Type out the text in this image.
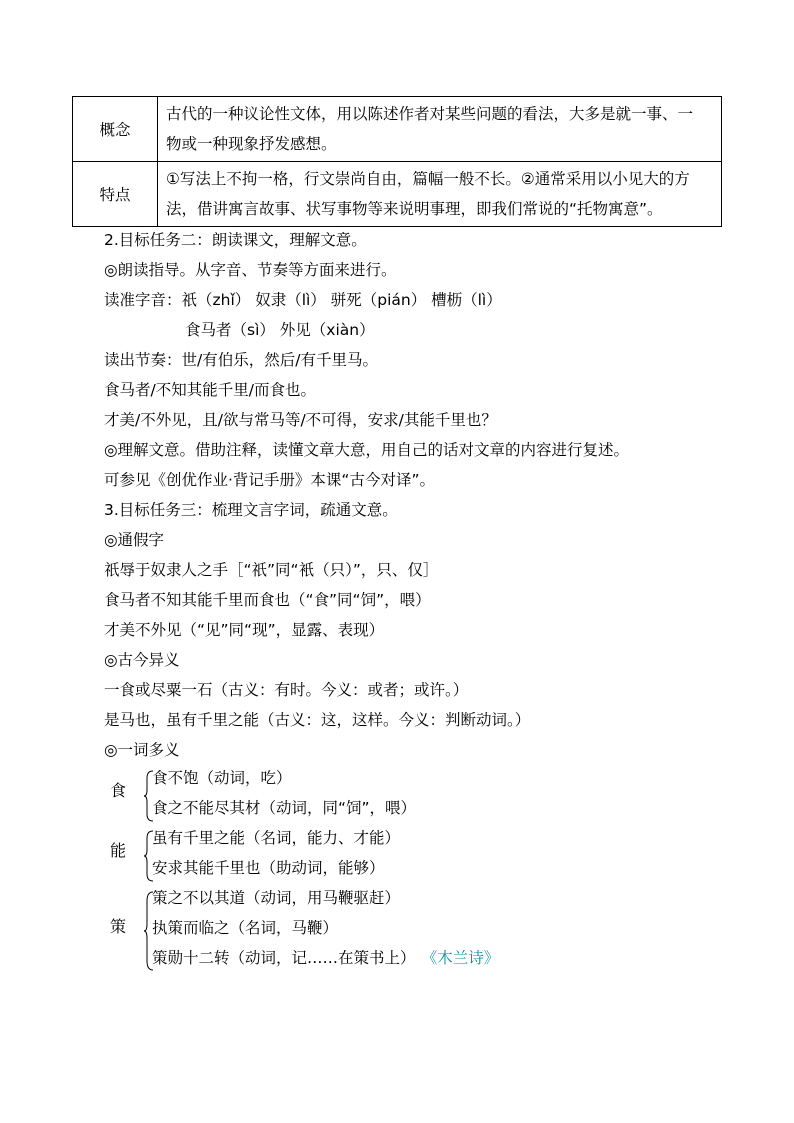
概念	古代的一种议论性文体，用以陈述作者对某些问题的看法，大多是就一事、一
物或一种现象抒发感想。

特点	①写法上不拘一格，行文崇尚自由，篇幅一般不长。②通常采用以小见大的方
法，借讲寓言故事、状写事物等来说明事理，即我们常说的“托物寓意”。
2.目标任务二：朗读课文，理解文意。
◎朗读指导。从字音、节奏等方面来进行。
读准字音：祇（zhǐ） 奴隶（lì） 骈死（pián） 槽枥（lì）
食马者（sì） 外见（xiàn）
读出节奏：世/有伯乐，然后/有千里马。
食马者/不知其能千里/而食也。
才美/不外见，且/欲与常马等/不可得，安求/其能千里也？
◎理解文意。借助注释，读懂文章大意，用自己的话对文章的内容进行复述。
可参见《创优作业·背记手册》本课“古今对译”。
3.目标任务三：梳理文言字词，疏通文意。
◎通假字
祇辱于奴隶人之手［“祇”同“衹（只）”，只、仅］
食马者不知其能千里而食也（“食”同“饲”，喂）
才美不外见（“见”同“现”，显露、表现）
◎古今异义
一食或尽粟一石（古义：有时。今义：或者；或许。）
是马也，虽有千里之能（古义：这，这样。今义：判断动词。）
◎一词多义
食
食不饱（动词，吃）
食之不能尽其材（动词，同“饲”，喂）
能
虽有千里之能（名词，能力、才能）
安求其能千里也（助动词，能够）
策
策之不以其道（动词，用马鞭驱赶）
执策而临之（名词，马鞭）
策勋十二转（动词，记……在策书上） 《木兰诗》
